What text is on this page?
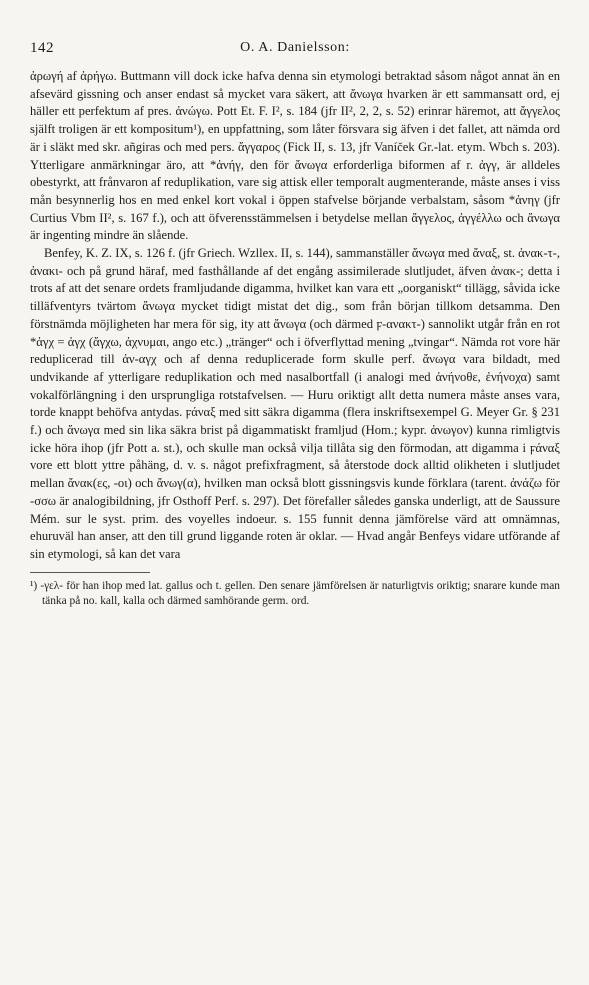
142	O. A. Danielsson:

ἀρωγή af ἀρήγω. Buttmann vill dock icke hafva denna sin etymologi betraktad såsom något annat än en afsevärd gissning och anser endast så mycket vara säkert, att ἄνωγα hvarken är ett sammansatt ord, ej häller ett perfektum af pres. ἀνώγω. Pott Et. F. I², s. 184 (jfr II², 2, 2, s. 52) erinrar häremot, att ἄγγελος själft troligen är ett kompositum¹), en uppfattning, som låter försvara sig äfven i det fallet, att nämda ord är i släkt med skr. añgiras och med pers. ἄγγαρος (Fick II, s. 13, jfr Vaníček Gr.-lat. etym. Wbch s. 203). Ytterligare anmärkningar äro, att *ἀνήγ, den för ἄνωγα erforderliga biformen af r. ἀγγ, är alldeles obestyrkt, att frånvaron af reduplikation, vare sig attisk eller temporalt augmenterande, måste anses i viss mån besynnerlig hos en med enkel kort vokal i öppen stafvelse börjande verbalstam, såsom *ἀνηγ (jfr Curtius Vbm II², s. 167 f.), och att öfverensstämmelsen i betydelse mellan ἄγγελος, ἀγγέλλω och ἄνωγα är ingenting mindre än slående.

Benfey, K. Z. IX, s. 126 f. (jfr Griech. Wzllex. II, s. 144), sammanställer ἄνωγα med ἄναξ, st. ἀνακ-τ-, ἀνακι- och på grund häraf, med fasthållande af det engång assimilerade slutljudet, äfven ἀνακ-; detta i trots af att det senare ordets framljudande digamma, hvilket kan vara ett „oorganiskt“ tillägg, såvida icke tilläfventyrs tvärtom ἄνωγα mycket tidigt mistat det dig., som från början tillkom detsamma. Den förstnämda möjligheten har mera för sig, ity att ἄνωγα (och därmed ϝ-ανακτ-) sannolikt utgår från en rot *ἀγχ = ἀγχ (ἄγχω, ἀχνυμαι, ango etc.) „tränger“ och i öfverflyttad mening „tvingar“. Nämda rot vore här reduplicerad till ἀν-αγχ och af denna reduplicerade form skulle perf. ἄνωγα vara bildadt, med undvikande af ytterligare reduplikation och med nasalbortfall (i analogi med ἀνήνοθε, ἐνήνοχα) samt vokalförlängning i den ursprungliga rotstafvelsen. — Huru oriktigt allt detta numera måste anses vara, torde knappt behöfva antydas. ϝάναξ med sitt säkra digamma (flera inskriftsexempel G. Meyer Gr. § 231 f.) och ἄνωγα med sin lika säkra brist på digammatiskt framljud (Hom.; kypr. ἀνωγον) kunna rimligtvis icke höra ihop (jfr Pott a. st.), och skulle man också vilja tillåta sig den förmodan, att digamma i ϝάναξ vore ett blott yttre påhäng, d. v. s. något prefixfragment, så återstode dock alltid olikheten i slutljudet mellan ἄνακ(ες, -οι) och ἄνωγ(α), hvilken man också blott gissningsvis kunde förklara (tarent. ἀνάζω för -σσω är analogibildning, jfr Osthoff Perf. s. 297). Det förefaller således ganska underligt, att de Saussure Mém. sur le syst. prim. des voyelles indoeur. s. 155 funnit denna jämförelse värd att omnämnas, ehuruväl han anser, att den till grund liggande roten är oklar. — Hvad angår Benfeys vidare utförande af sin etymologi, så kan det vara

¹) -γελ- för han ihop med lat. gallus och t. gellen. Den senare jämförelsen är naturligtvis oriktig; snarare kunde man tänka på no. kall, kalla och därmed samhörande germ. ord.
